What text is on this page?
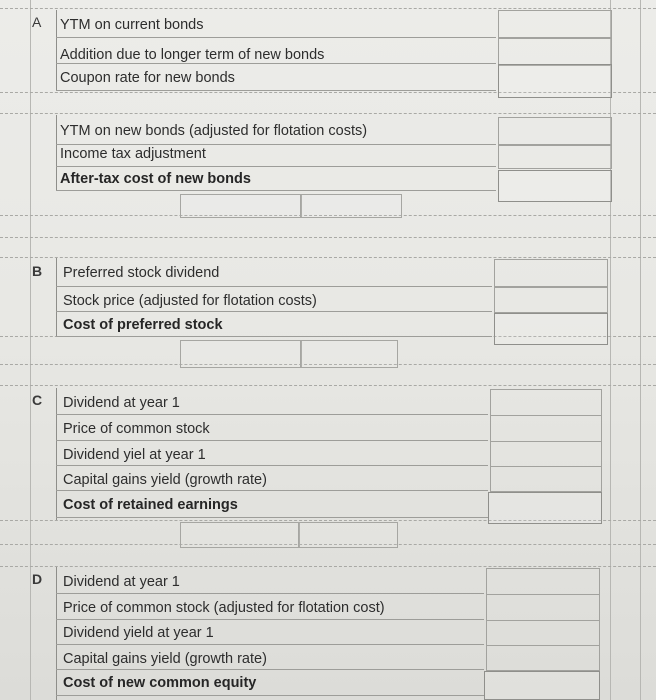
A YTM on current bonds
Addition due to longer term of new bonds
Coupon rate for new bonds
YTM on new bonds (adjusted for flotation costs)
Income tax adjustment
After-tax cost of new bonds
B Preferred stock dividend
Stock price (adjusted for flotation costs)
Cost of preferred stock
C Dividend at year 1
Price of common stock
Dividend yiel at year 1
Capital gains yield (growth rate)
Cost of retained earnings
D Dividend at year 1
Price of common stock (adjusted for flotation cost)
Dividend yield at year 1
Capital gains yield (growth rate)
Cost of new common equity
